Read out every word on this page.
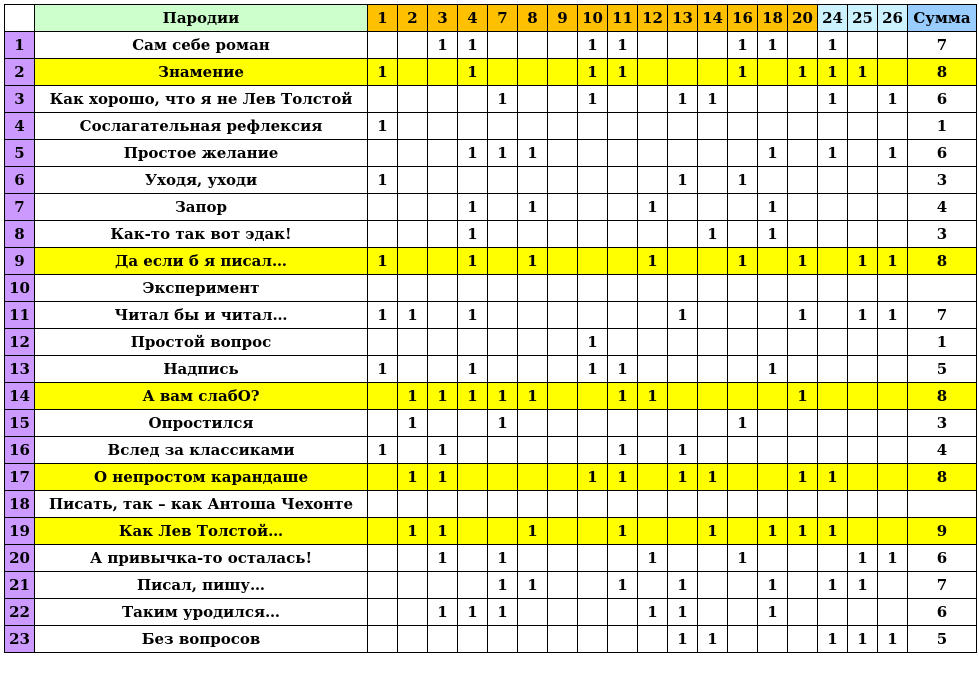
	Пародии	1	2	3	4	7	8	9	10	11	12	13	14	16	18	20	24	25	26	Сумма
1	Сам себе роман			1	1				1	1				1	1		1			7
2	Знамение	1			1				1	1				1		1	1	1		8
3	Как хорошо, что я не Лев Толстой					1			1			1	1				1		1	6
4	Сослагательная рефлексия	1																		1
5	Простое желание				1	1	1								1		1		1	6
6	Уходя, уходи	1										1		1						3
7	Запор				1		1				1				1					4
8	Как-то так вот эдак!				1								1		1					3
9	Да если б я писал…	1			1		1				1			1		1		1	1	8
10	Эксперимент																			
11	Читал бы и читал…	1	1		1							1				1		1	1	7
12	Простой вопрос								1											1
13	Надпись	1			1				1	1					1					5
14	А вам слабО?		1	1	1	1	1			1	1					1				8
15	Опростился		1			1								1						3
16	Вслед за классиками	1		1						1		1								4
17	О непростом карандаше		1	1					1	1		1	1			1	1			8
18	Писать, так – как Антоша Чехонте																			
19	Как Лев Толстой…		1	1			1			1			1		1	1	1			9
20	А привычка-то осталась!			1		1					1			1				1	1	6
21	Писал, пишу…					1	1			1		1			1		1	1		7
22	Таким уродился…			1	1	1					1	1			1					6
23	Без вопросов											1	1				1	1	1	5
